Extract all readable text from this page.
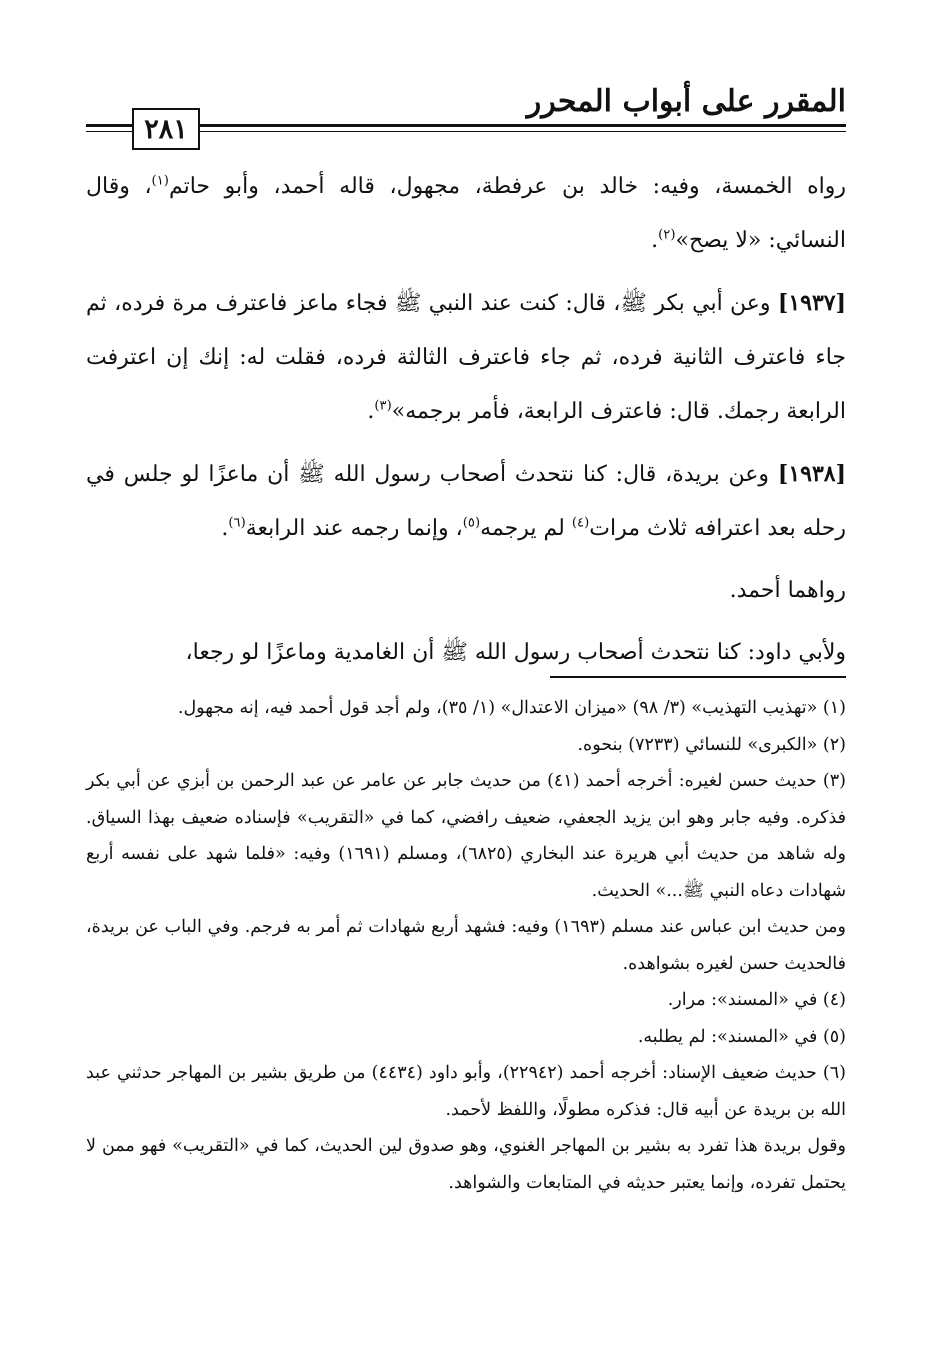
المقرر على أبواب المحرر
٢٨١

رواه الخمسة، وفيه: خالد بن عرفطة، مجهول، قاله أحمد، وأبو حاتم$^{(١)}$، وقال النسائي: «لا يصح»$^{(٢)}$.

[١٩٣٧] وعن أبي بكر ﷺ، قال: كنت عند النبي ﷺ فجاء ماعز فاعترف مرة فرده، ثم جاء فاعترف الثانية فرده، ثم جاء فاعترف الثالثة فرده، فقلت له: إنك إن اعترفت الرابعة رجمك. قال: فاعترف الرابعة، فأمر برجمه»$^{(٣)}$.

[١٩٣٨] وعن بريدة، قال: كنا نتحدث أصحاب رسول الله ﷺ أن ماعزًا لو جلس في رحله بعد اعترافه ثلاث مرات$^{(٤)}$ لم يرجمه$^{(٥)}$، وإنما رجمه عند الرابعة$^{(٦)}$.

رواهما أحمد.

ولأبي داود: كنا نتحدث أصحاب رسول الله ﷺ أن الغامدية وماعزًا لو رجعا،

(١) «تهذيب التهذيب» (٣/ ٩٨) «ميزان الاعتدال» (١/ ٣٥)، ولم أجد قول أحمد فيه، إنه مجهول.

(٢) «الكبرى» للنسائي (٧٢٣٣) بنحوه.

(٣) حديث حسن لغيره: أخرجه أحمد (٤١) من حديث جابر عن عامر عن عبد الرحمن بن أبزي عن أبي بكر فذكره. وفيه جابر وهو ابن يزيد الجعفي، ضعيف رافضي، كما في «التقريب» فإسناده ضعيف بهذا السياق. وله شاهد من حديث أبي هريرة عند البخاري (٦٨٢٥)، ومسلم (١٦٩١) وفيه: «فلما شهد على نفسه أربع شهادات دعاه النبي ﷺ...» الحديث.

ومن حديث ابن عباس عند مسلم (١٦٩٣) وفيه: فشهد أربع شهادات ثم أمر به فرجم. وفي الباب عن بريدة، فالحديث حسن لغيره بشواهده.

(٤) في «المسند»: مرار.

(٥) في «المسند»: لم يطلبه.

(٦) حديث ضعيف الإسناد: أخرجه أحمد (٢٢٩٤٢)، وأبو داود (٤٤٣٤) من طريق بشير بن المهاجر حدثني عبد الله بن بريدة عن أبيه قال: فذكره مطولًا، واللفظ لأحمد.

وقول بريدة هذا تفرد به بشير بن المهاجر الغنوي، وهو صدوق لين الحديث، كما في «التقريب» فهو ممن لا يحتمل تفرده، وإنما يعتبر حديثه في المتابعات والشواهد.
